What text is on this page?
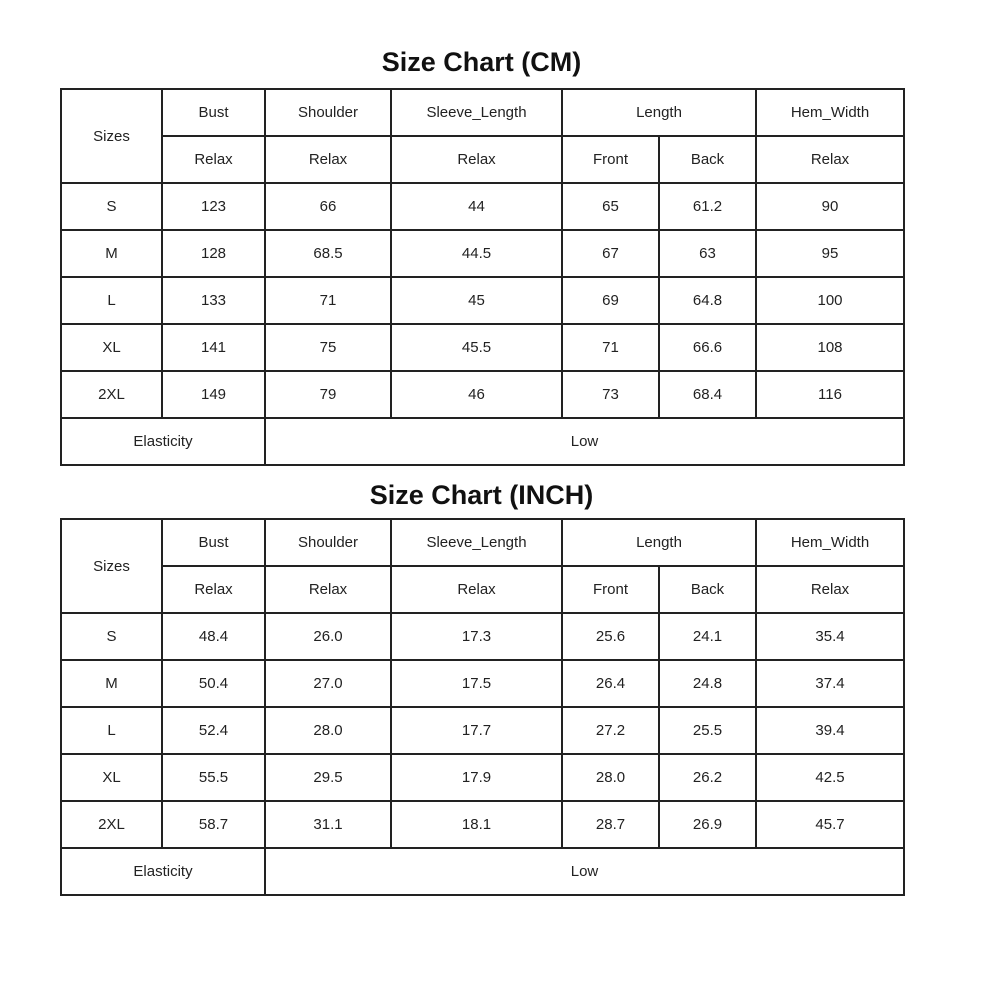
Size Chart (CM)
Sizes	Bust	Shoulder	Sleeve_Length	Length		Hem_Width
	Relax	Relax	Relax	Front	Back	Relax
S	123	66	44	65	61.2	90
M	128	68.5	44.5	67	63	95
L	133	71	45	69	64.8	100
XL	141	75	45.5	71	66.6	108
2XL	149	79	46	73	68.4	116
Elasticity		Low				
Size Chart (INCH)
Sizes	Bust	Shoulder	Sleeve_Length	Length		Hem_Width
	Relax	Relax	Relax	Front	Back	Relax
S	48.4	26.0	17.3	25.6	24.1	35.4
M	50.4	27.0	17.5	26.4	24.8	37.4
L	52.4	28.0	17.7	27.2	25.5	39.4
XL	55.5	29.5	17.9	28.0	26.2	42.5
2XL	58.7	31.1	18.1	28.7	26.9	45.7
Elasticity		Low				
